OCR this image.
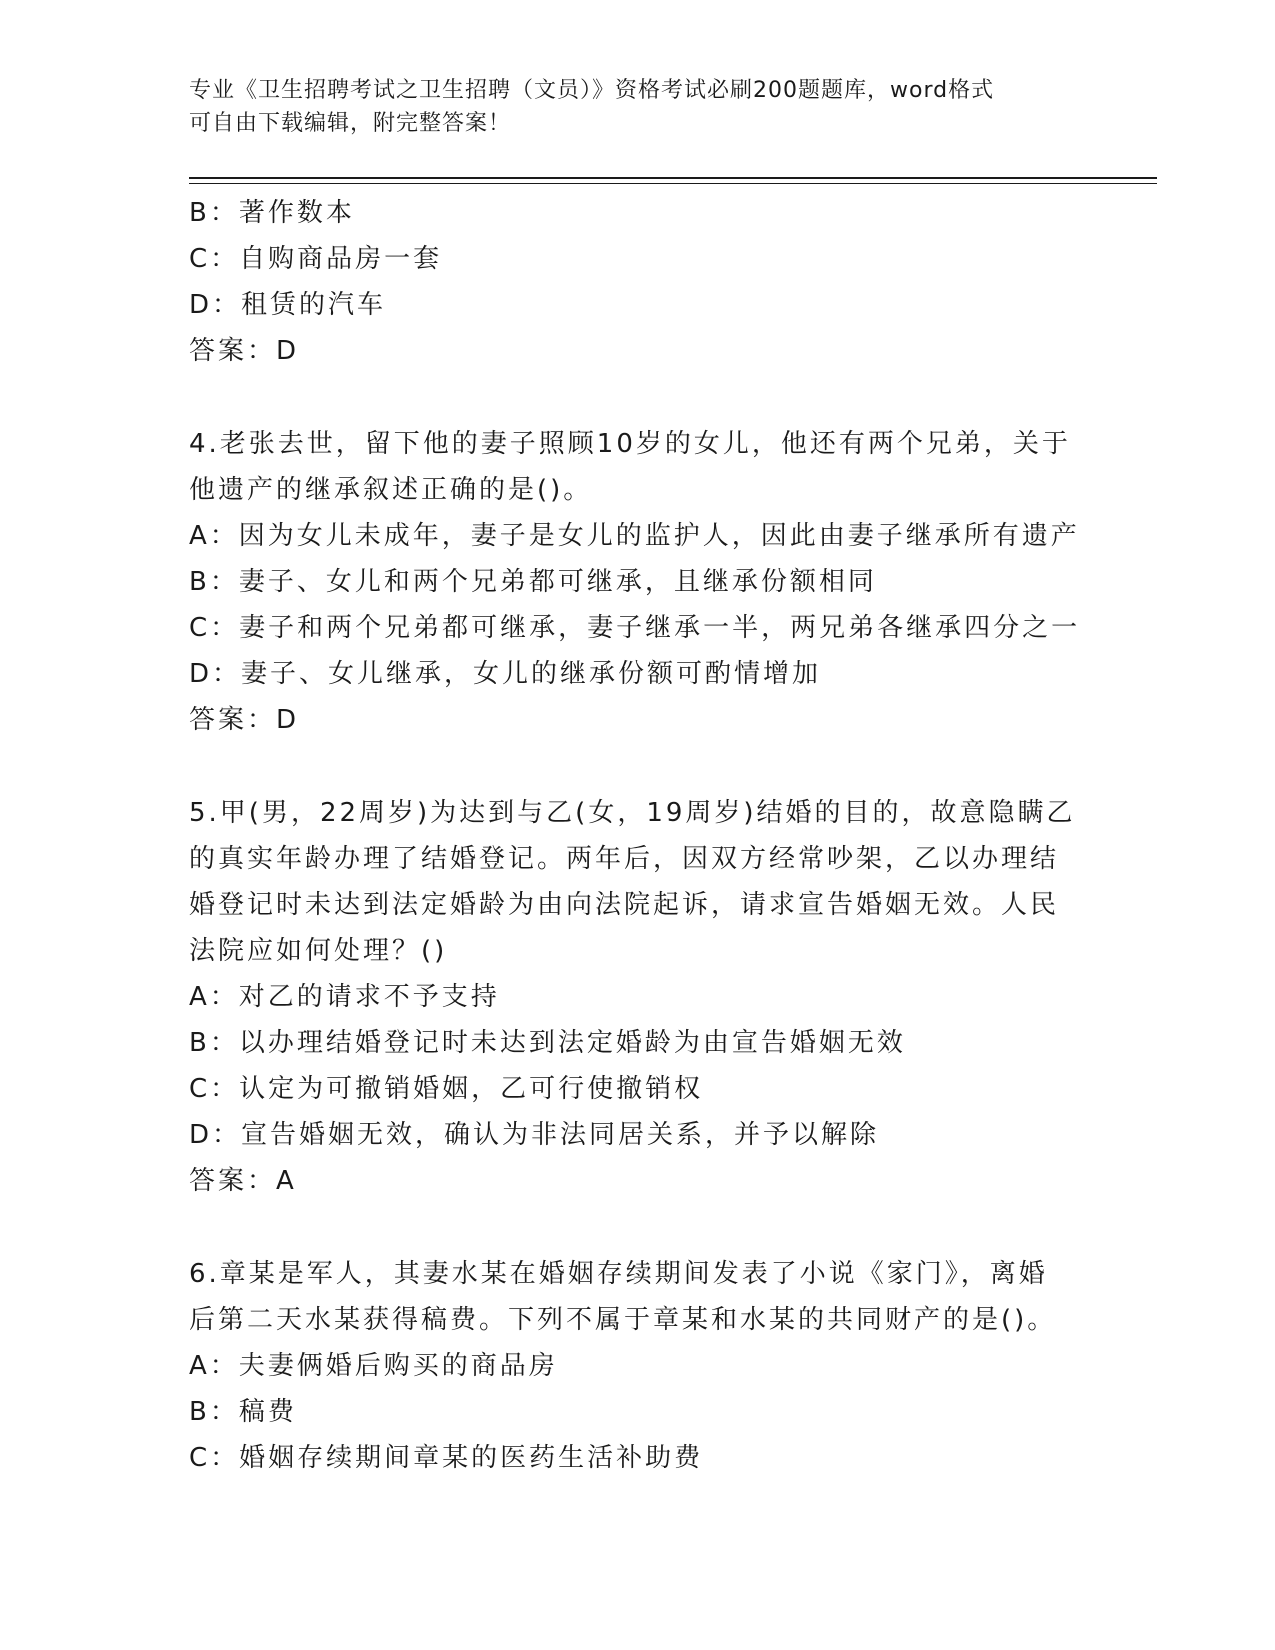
专业《卫生招聘考试之卫生招聘（文员）》资格考试必刷200题题库，word格式
可自由下载编辑，附完整答案！
B：著作数本
C：自购商品房一套
D：租赁的汽车
答案：D
4.老张去世，留下他的妻子照顾10岁的女儿，他还有两个兄弟，关于
他遗产的继承叙述正确的是()。
A：因为女儿未成年，妻子是女儿的监护人，因此由妻子继承所有遗产
B：妻子、女儿和两个兄弟都可继承，且继承份额相同
C：妻子和两个兄弟都可继承，妻子继承一半，两兄弟各继承四分之一
D：妻子、女儿继承，女儿的继承份额可酌情增加
答案：D
5.甲(男，22周岁)为达到与乙(女，19周岁)结婚的目的，故意隐瞒乙
的真实年龄办理了结婚登记。两年后，因双方经常吵架，乙以办理结
婚登记时未达到法定婚龄为由向法院起诉，请求宣告婚姻无效。人民
法院应如何处理？()
A：对乙的请求不予支持
B：以办理结婚登记时未达到法定婚龄为由宣告婚姻无效
C：认定为可撤销婚姻，乙可行使撤销权
D：宣告婚姻无效，确认为非法同居关系，并予以解除
答案：A
6.章某是军人，其妻水某在婚姻存续期间发表了小说《家门》，离婚
后第二天水某获得稿费。下列不属于章某和水某的共同财产的是()。
A：夫妻俩婚后购买的商品房
B：稿费
C：婚姻存续期间章某的医药生活补助费
